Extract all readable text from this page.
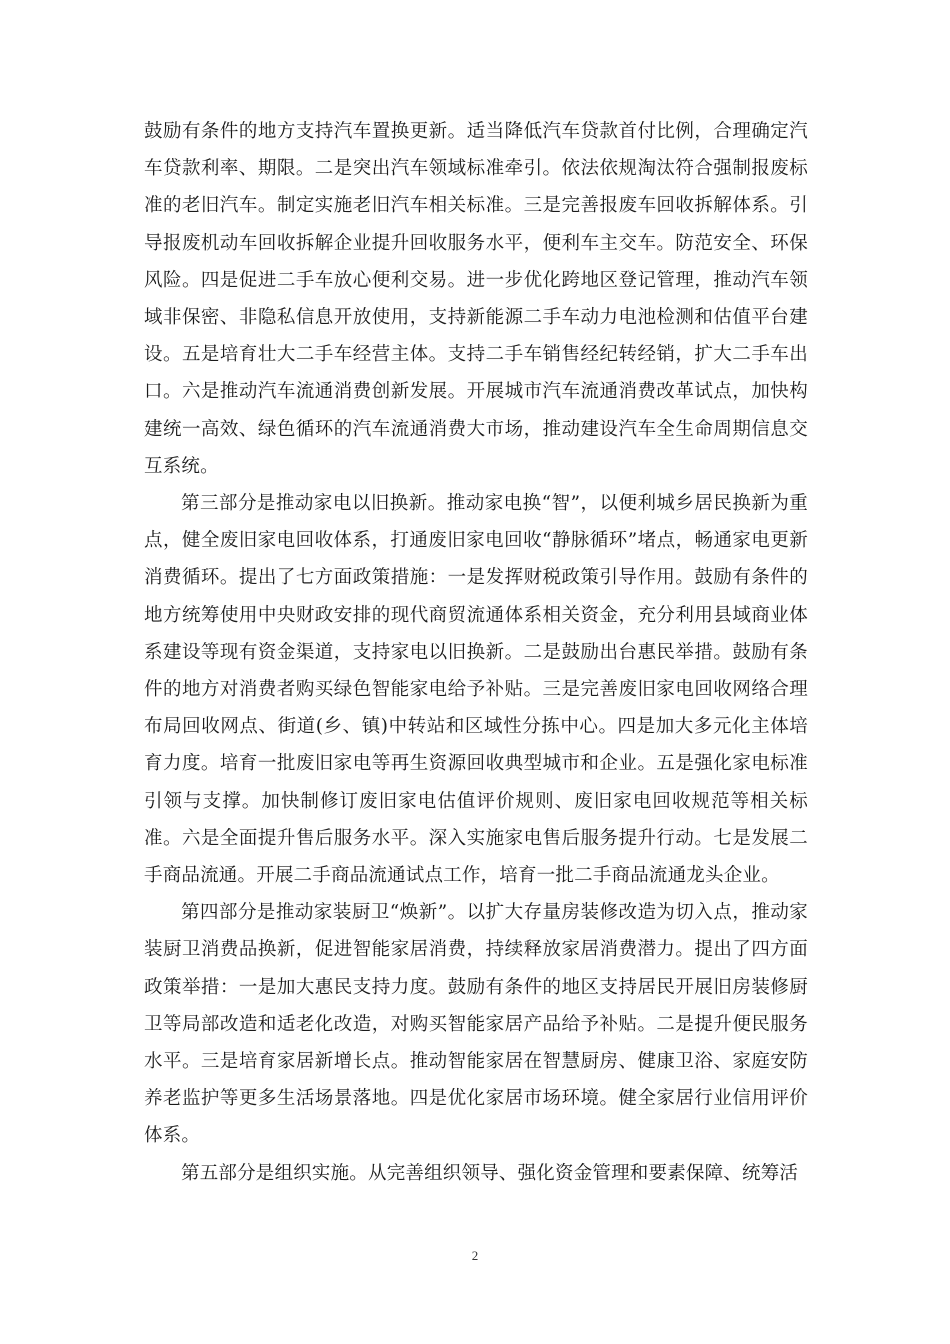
鼓励有条件的地方支持汽车置换更新。适当降低汽车贷款首付比例，合理确定汽车贷款利率、期限。二是突出汽车领域标准牵引。依法依规淘汰符合强制报废标准的老旧汽车。制定实施老旧汽车相关标准。三是完善报废车回收拆解体系。引导报废机动车回收拆解企业提升回收服务水平，便利车主交车。防范安全、环保风险。四是促进二手车放心便利交易。进一步优化跨地区登记管理，推动汽车领域非保密、非隐私信息开放使用，支持新能源二手车动力电池检测和估值平台建设。五是培育壮大二手车经营主体。支持二手车销售经纪转经销，扩大二手车出口。六是推动汽车流通消费创新发展。开展城市汽车流通消费改革试点，加快构建统一高效、绿色循环的汽车流通消费大市场，推动建设汽车全生命周期信息交互系统。

第三部分是推动家电以旧换新。推动家电换“智”，以便利城乡居民换新为重点，健全废旧家电回收体系，打通废旧家电回收“静脉循环”堵点，畅通家电更新消费循环。提出了七方面政策措施：一是发挥财税政策引导作用。鼓励有条件的地方统筹使用中央财政安排的现代商贸流通体系相关资金，充分利用县域商业体系建设等现有资金渠道，支持家电以旧换新。二是鼓励出台惠民举措。鼓励有条件的地方对消费者购买绿色智能家电给予补贴。三是完善废旧家电回收网络合理布局回收网点、街道(乡、镇)中转站和区域性分拣中心。四是加大多元化主体培育力度。培育一批废旧家电等再生资源回收典型城市和企业。五是强化家电标准引领与支撑。加快制修订废旧家电估值评价规则、废旧家电回收规范等相关标准。六是全面提升售后服务水平。深入实施家电售后服务提升行动。七是发展二手商品流通。开展二手商品流通试点工作，培育一批二手商品流通龙头企业。

第四部分是推动家装厨卫“焕新”。以扩大存量房装修改造为切入点，推动家装厨卫消费品换新，促进智能家居消费，持续释放家居消费潜力。提出了四方面政策举措：一是加大惠民支持力度。鼓励有条件的地区支持居民开展旧房装修厨卫等局部改造和适老化改造，对购买智能家居产品给予补贴。二是提升便民服务水平。三是培育家居新增长点。推动智能家居在智慧厨房、健康卫浴、家庭安防养老监护等更多生活场景落地。四是优化家居市场环境。健全家居行业信用评价体系。

第五部分是组织实施。从完善组织领导、强化资金管理和要素保障、统筹活

2
